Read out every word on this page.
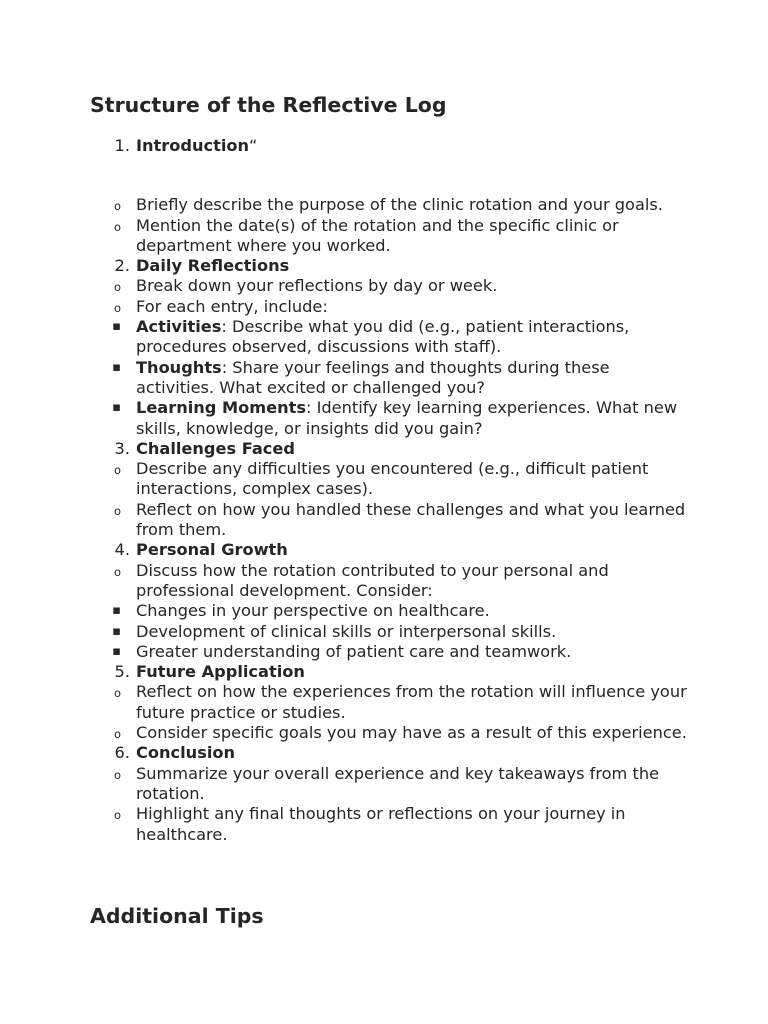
Structure of the Reflective Log
1. Introduction“
o Briefly describe the purpose of the clinic rotation and your goals.
o Mention the date(s) of the rotation and the specific clinic or department where you worked.
2. Daily Reflections
o Break down your reflections by day or week.
o For each entry, include:
▪ Activities: Describe what you did (e.g., patient interactions, procedures observed, discussions with staff).
▪ Thoughts: Share your feelings and thoughts during these activities. What excited or challenged you?
▪ Learning Moments: Identify key learning experiences. What new skills, knowledge, or insights did you gain?
3. Challenges Faced
o Describe any difficulties you encountered (e.g., difficult patient interactions, complex cases).
o Reflect on how you handled these challenges and what you learned from them.
4. Personal Growth
o Discuss how the rotation contributed to your personal and professional development. Consider:
▪ Changes in your perspective on healthcare.
▪ Development of clinical skills or interpersonal skills.
▪ Greater understanding of patient care and teamwork.
5. Future Application
o Reflect on how the experiences from the rotation will influence your future practice or studies.
o Consider specific goals you may have as a result of this experience.
6. Conclusion
o Summarize your overall experience and key takeaways from the rotation.
o Highlight any final thoughts or reflections on your journey in healthcare.
Additional Tips
